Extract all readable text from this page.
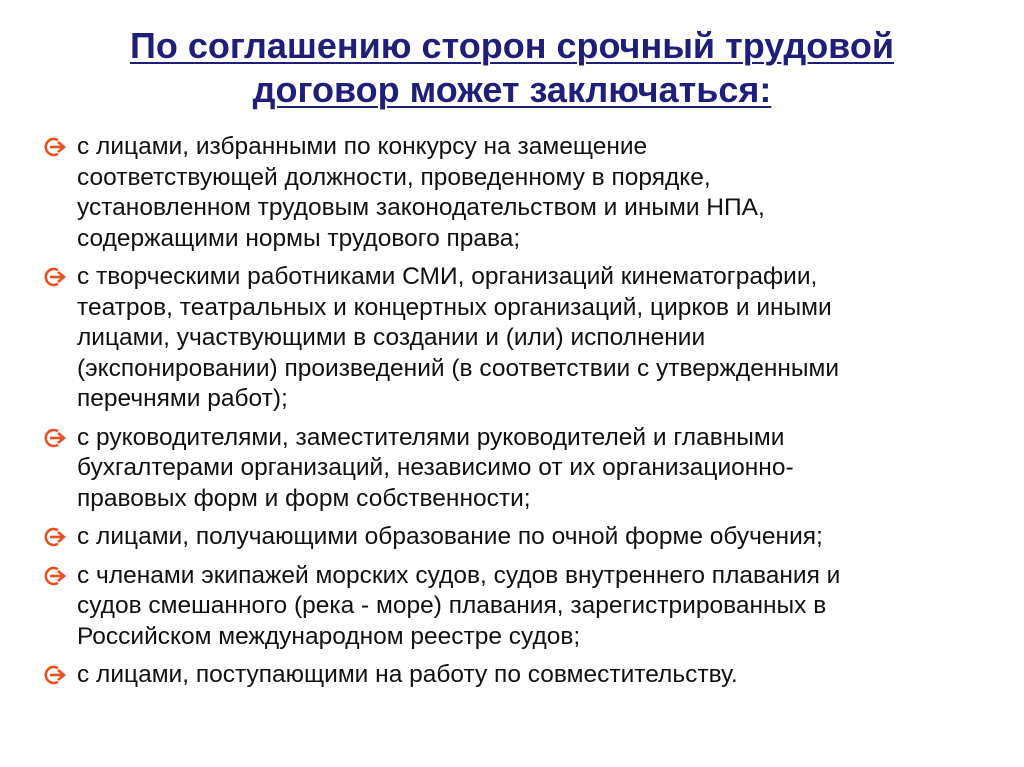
По соглашению сторон срочный трудовой
договор может заключаться:
с лицами, избранными по конкурсу на замещение
соответствующей должности, проведенному в порядке,
установленном трудовым законодательством и иными НПА,
содержащими нормы трудового права;
с творческими работниками СМИ, организаций кинематографии,
театров, театральных и концертных организаций, цирков и иными
лицами, участвующими в создании и (или) исполнении
(экспонировании) произведений (в соответствии с утвержденными
перечнями работ);
с руководителями, заместителями руководителей и главными
бухгалтерами организаций, независимо от их организационно-
правовых форм и форм собственности;
с лицами, получающими образование по очной форме обучения;
с членами экипажей морских судов, судов внутреннего плавания и
судов смешанного (река - море) плавания, зарегистрированных в
Российском международном реестре судов;
с лицами, поступающими на работу по совместительству.
